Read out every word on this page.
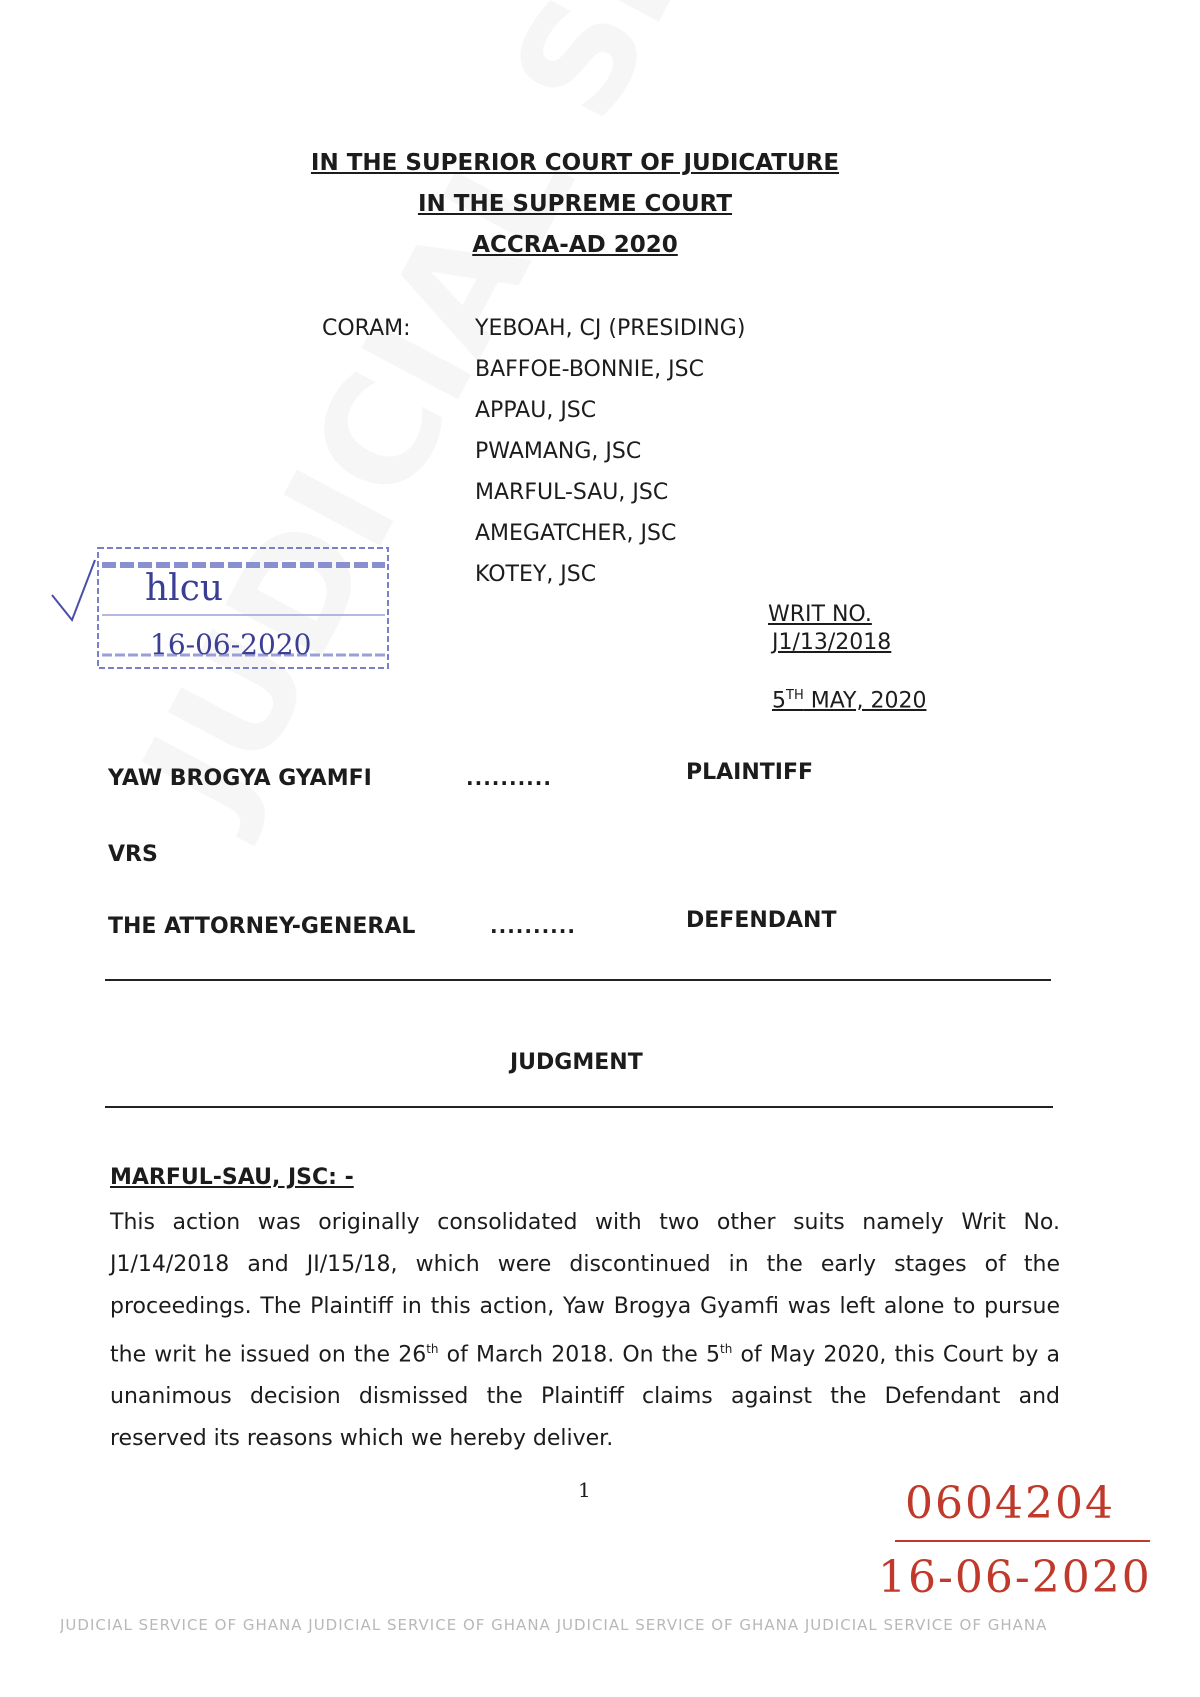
IN THE SUPERIOR COURT OF JUDICATURE
IN THE SUPREME COURT
ACCRA-AD 2020
CORAM:	YEBOAH, CJ (PRESIDING)
BAFFOE-BONNIE, JSC
APPAU, JSC
PWAMANG, JSC
MARFUL-SAU, JSC
AMEGATCHER, JSC
KOTEY, JSC
hlcu
16-06-2020
WRIT NO.
J1/13/2018
5TH MAY, 2020
YAW BROGYA GYAMFI	..........	PLAINTIFF
VRS
THE ATTORNEY-GENERAL	..........	DEFENDANT
JUDGMENT
MARFUL-SAU, JSC: -
This action was originally consolidated with two other suits namely Writ No. J1/14/2018 and JI/15/18, which were discontinued in the early stages of the proceedings. The Plaintiff in this action, Yaw Brogya Gyamfi was left alone to pursue the writ he issued on the 26th of March 2018. On the 5th of May 2020, this Court by a unanimous decision dismissed the Plaintiff claims against the Defendant and reserved its reasons which we hereby deliver.
1	0604204
16-06-2020
JUDICIAL SERVICE OF GHANA JUDICIAL SERVICE OF GHANA JUDICIAL SERVICE OF GHANA JUDICIAL SERVICE OF GHANA
